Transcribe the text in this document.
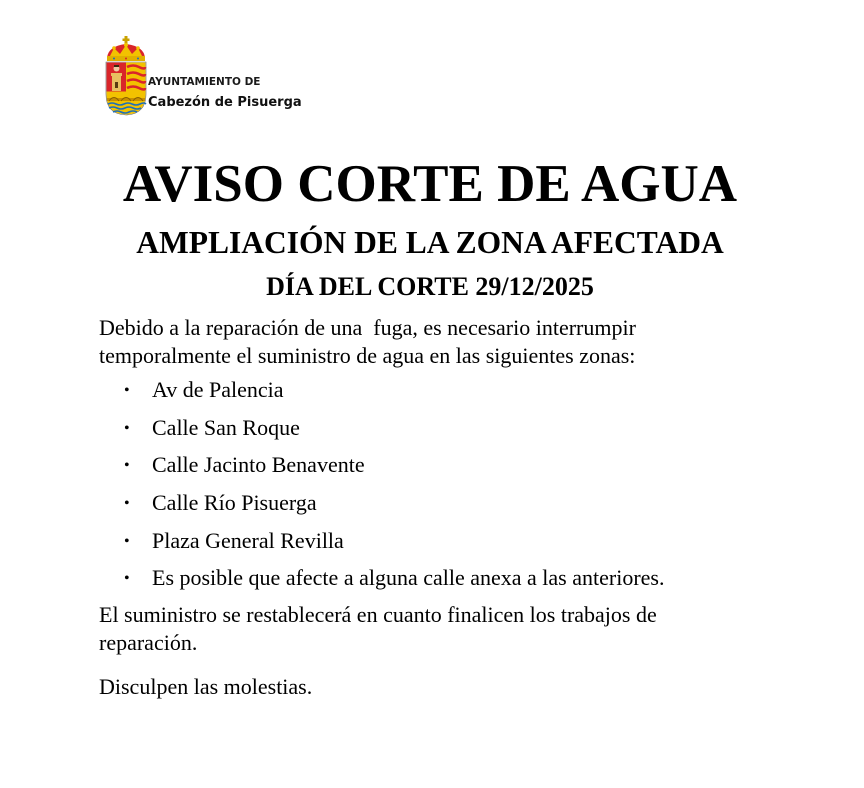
AYUNTAMIENTO DE
Cabezón de Pisuerga
AVISO CORTE DE AGUA
AMPLIACIÓN DE LA ZONA AFECTADA
DÍA DEL CORTE 29/12/2025

Debido a la reparación de una  fuga, es necesario interrumpir temporalmente el suministro de agua en las siguientes zonas:

• Av de Palencia
• Calle San Roque
• Calle Jacinto Benavente
• Calle Río Pisuerga
• Plaza General Revilla
• Es posible que afecte a alguna calle anexa a las anteriores.

El suministro se restablecerá en cuanto finalicen los trabajos de reparación.

Disculpen las molestias.
